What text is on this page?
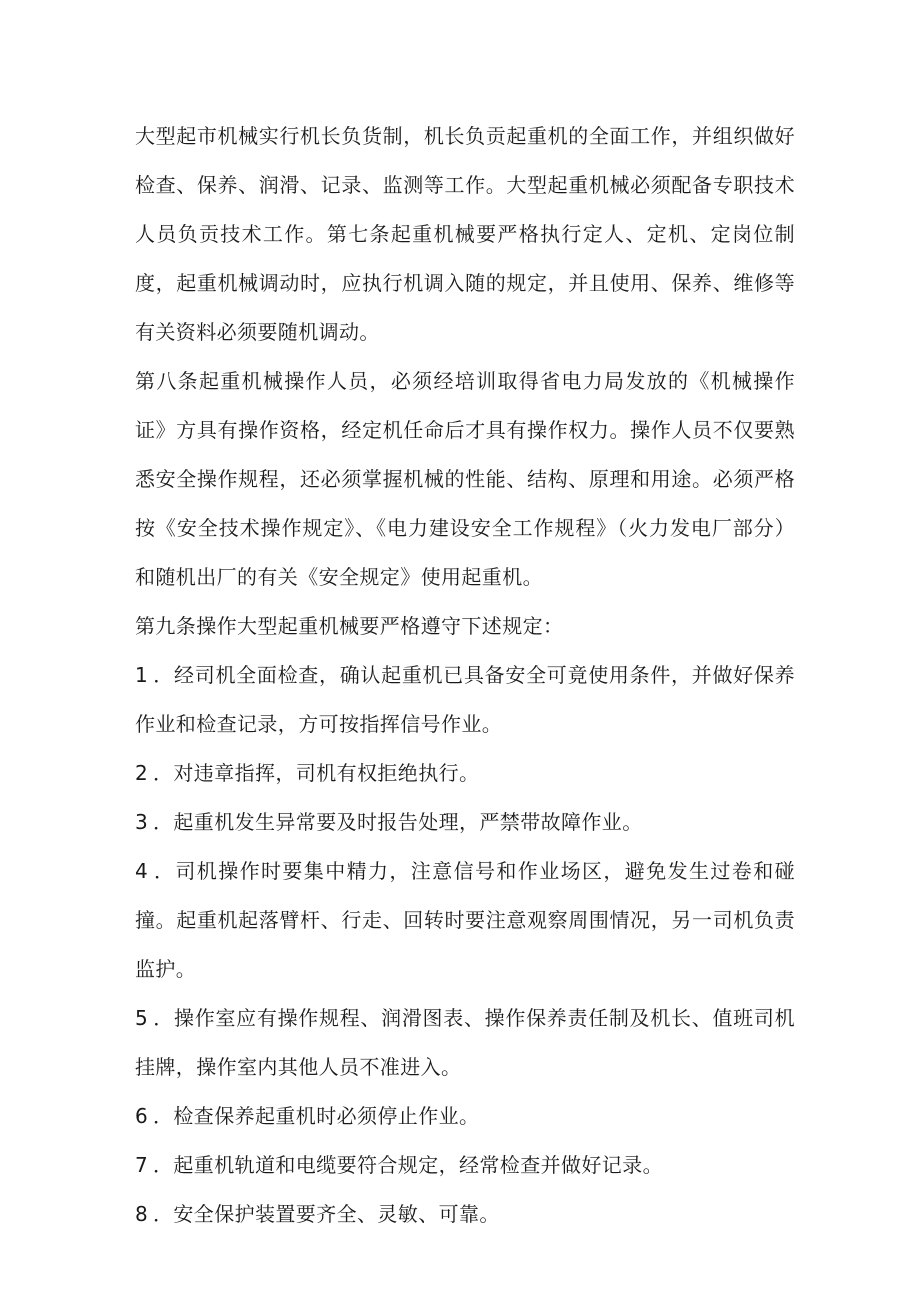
大型起市机械实行机长负货制，机长负贡起重机的全面工作，并组织做好检查、保养、润滑、记录、监测等工作。大型起重机械必须配备专职技术人员负贡技术工作。第七条起重机械要严格执行定人、定机、定岗位制度，起重机械调动时，应执行机调入随的规定，并且使用、保养、维修等有关资料必须要随机调动。

第八条起重机械操作人员，必须经培训取得省电力局发放的《机械操作证》方具有操作资格，经定机任命后才具有操作权力。操作人员不仅要熟悉安全操作规程，还必须掌握机械的性能、结构、原理和用途。必须严格按《安全技术操作规定》、《电力建设安全工作规程》（火力发电厂部分）和随机出厂的有关《安全规定》使用起重机。

第九条操作大型起重机械要严格遵守下述规定：

1 ．经司机全面检查，确认起重机已具备安全可竟使用条件，并做好保养作业和检查记录，方可按指挥信号作业。

2 ．对违章指挥，司机有权拒绝执行。

3 ．起重机发生异常要及时报告处理，严禁带故障作业。

4 ．司机操作时要集中精力，注意信号和作业场区，避免发生过卷和碰撞。起重机起落臂杆、行走、回转时要注意观察周围情况，另一司机负责监护。

5 ．操作室应有操作规程、润滑图表、操作保养责任制及机长、值班司机挂牌，操作室内其他人员不准进入。

6 ．检查保养起重机时必须停止作业。

7 ．起重机轨道和电缆要符合规定，经常检查并做好记录。

8 ．安全保护装置要齐全、灵敏、可靠。
